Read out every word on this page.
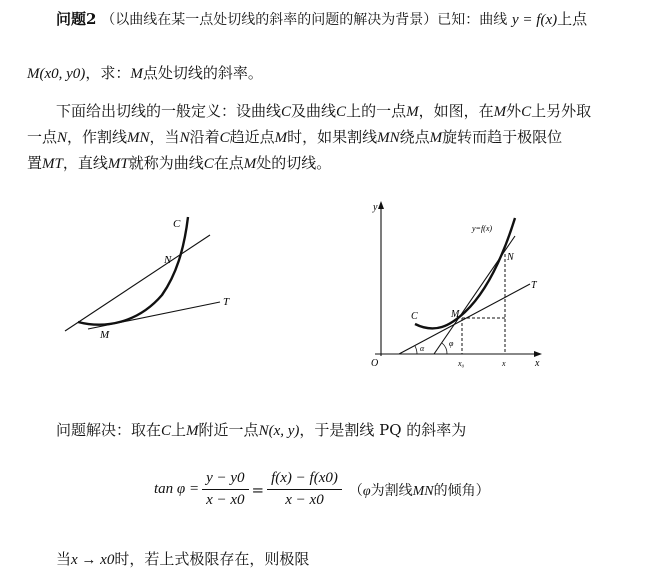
问题2 （以曲线在某一点处切线的斜率的问题的解决为背景）已知：曲线 y = f(x)上点
M(x0, y0)，求：M点处切线的斜率。
下面给出切线的一般定义：设曲线C及曲线C上的一点M，如图，在M外C上另外取
一点N，作割线MN，当N沿着C趋近点M时，如果割线MN绕点M旋转而趋于极限位
置MT，直线MT就称为曲线C在点M处的切线。
C
N
M
T
y
x
O
y=f(x)
C	M
N
T
α
φ
x₀	x
问题解决：取在C上M附近一点N(x, y)，于是割线 PQ 的斜率为
$\tan \varphi = \frac{y - y0}{x - x0} = \frac{f(x) - f(x0)}{x - x0} (\varphi$为割线MN的倾角）
当x → x0时，若上式极限存在，则极限
